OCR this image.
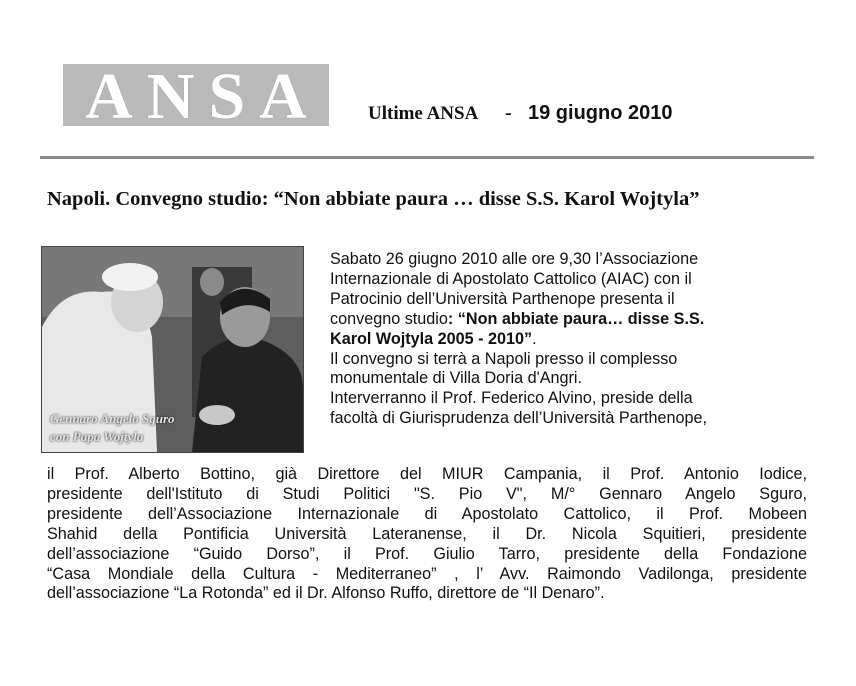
ANSA Ultime ANSA - 19 giugno 2010
Napoli. Convegno studio: “Non abbiate paura … disse S.S. Karol Wojtyla”
Gennaro Angelo Sguro
con Papa Wojtyla
Sabato 26 giugno 2010 alle ore 9,30 l’Associazione
Internazionale di Apostolato Cattolico (AIAC) con il
Patrocinio dell’Università Parthenope presenta il
convegno studio: “Non abbiate paura… disse S.S.
Karol Wojtyla 2005 - 2010”.
Il convegno si terrà a Napoli presso il complesso
monumentale di Villa Doria d'Angri.
Interverranno il Prof. Federico Alvino, preside della
facoltà di Giurisprudenza dell’Università Parthenope,
il Prof. Alberto Bottino, già Direttore del MIUR Campania, il Prof. Antonio Iodice,
presidente dell'Istituto di Studi Politici "S. Pio V", M/° Gennaro Angelo Sguro,
presidente dell’Associazione Internazionale di Apostolato Cattolico, il Prof. Mobeen
Shahid della Pontificia Università Lateranense, il Dr. Nicola Squitieri, presidente
dell’associazione “Guido Dorso”, il Prof. Giulio Tarro, presidente della Fondazione
“Casa Mondiale della Cultura - Mediterraneo” , l’ Avv. Raimondo Vadilonga, presidente
dell’associazione “La Rotonda” ed il Dr. Alfonso Ruffo, direttore de “Il Denaro”.
